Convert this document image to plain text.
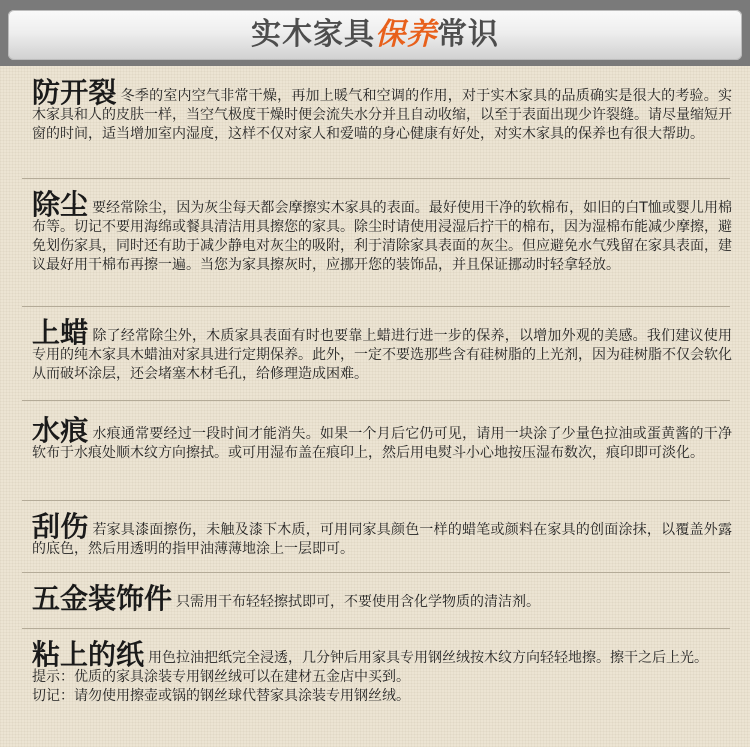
实木家具保养常识
防开裂 冬季的室内空气非常干燥，再加上暖气和空调的作用，对于实木家具的品质确实是很大的考验。实木家具和人的皮肤一样，当空气极度干燥时便会流失水分并且自动收缩，以至于表面出现少许裂缝。请尽量缩短开窗的时间，适当增加室内湿度，这样不仅对家人和爱喵的身心健康有好处，对实木家具的保养也有很大帮助。
除尘 要经常除尘，因为灰尘每天都会摩擦实木家具的表面。最好使用干净的软棉布，如旧的白T恤或婴儿用棉布等。切记不要用海绵或餐具清洁用具擦您的家具。除尘时请使用浸湿后拧干的棉布，因为湿棉布能减少摩擦，避免划伤家具，同时还有助于减少静电对灰尘的吸附，利于清除家具表面的灰尘。但应避免水气残留在家具表面，建议最好用干棉布再擦一遍。当您为家具擦灰时，应挪开您的装饰品，并且保证挪动时轻拿轻放。
上蜡 除了经常除尘外，木质家具表面有时也要靠上蜡进行进一步的保养，以增加外观的美感。我们建议使用专用的纯木家具木蜡油对家具进行定期保养。此外，一定不要选那些含有硅树脂的上光剂，因为硅树脂不仅会软化从而破坏涂层，还会堵塞木材毛孔，给修理造成困难。
水痕 水痕通常要经过一段时间才能消失。如果一个月后它仍可见，请用一块涂了少量色拉油或蛋黄酱的干净软布于水痕处顺木纹方向擦拭。或可用湿布盖在痕印上，然后用电熨斗小心地按压湿布数次，痕印即可淡化。
刮伤 若家具漆面擦伤，未触及漆下木质，可用同家具颜色一样的蜡笔或颜料在家具的创面涂抹，以覆盖外露的底色，然后用透明的指甲油薄薄地涂上一层即可。
五金装饰件 只需用干布轻轻擦拭即可，不要使用含化学物质的清洁剂。
粘上的纸 用色拉油把纸完全浸透，几分钟后用家具专用钢丝绒按木纹方向轻轻地擦。擦干之后上光。
提示：优质的家具涂装专用钢丝绒可以在建材五金店中买到。
切记：请勿使用擦壶或锅的钢丝球代替家具涂装专用钢丝绒。
